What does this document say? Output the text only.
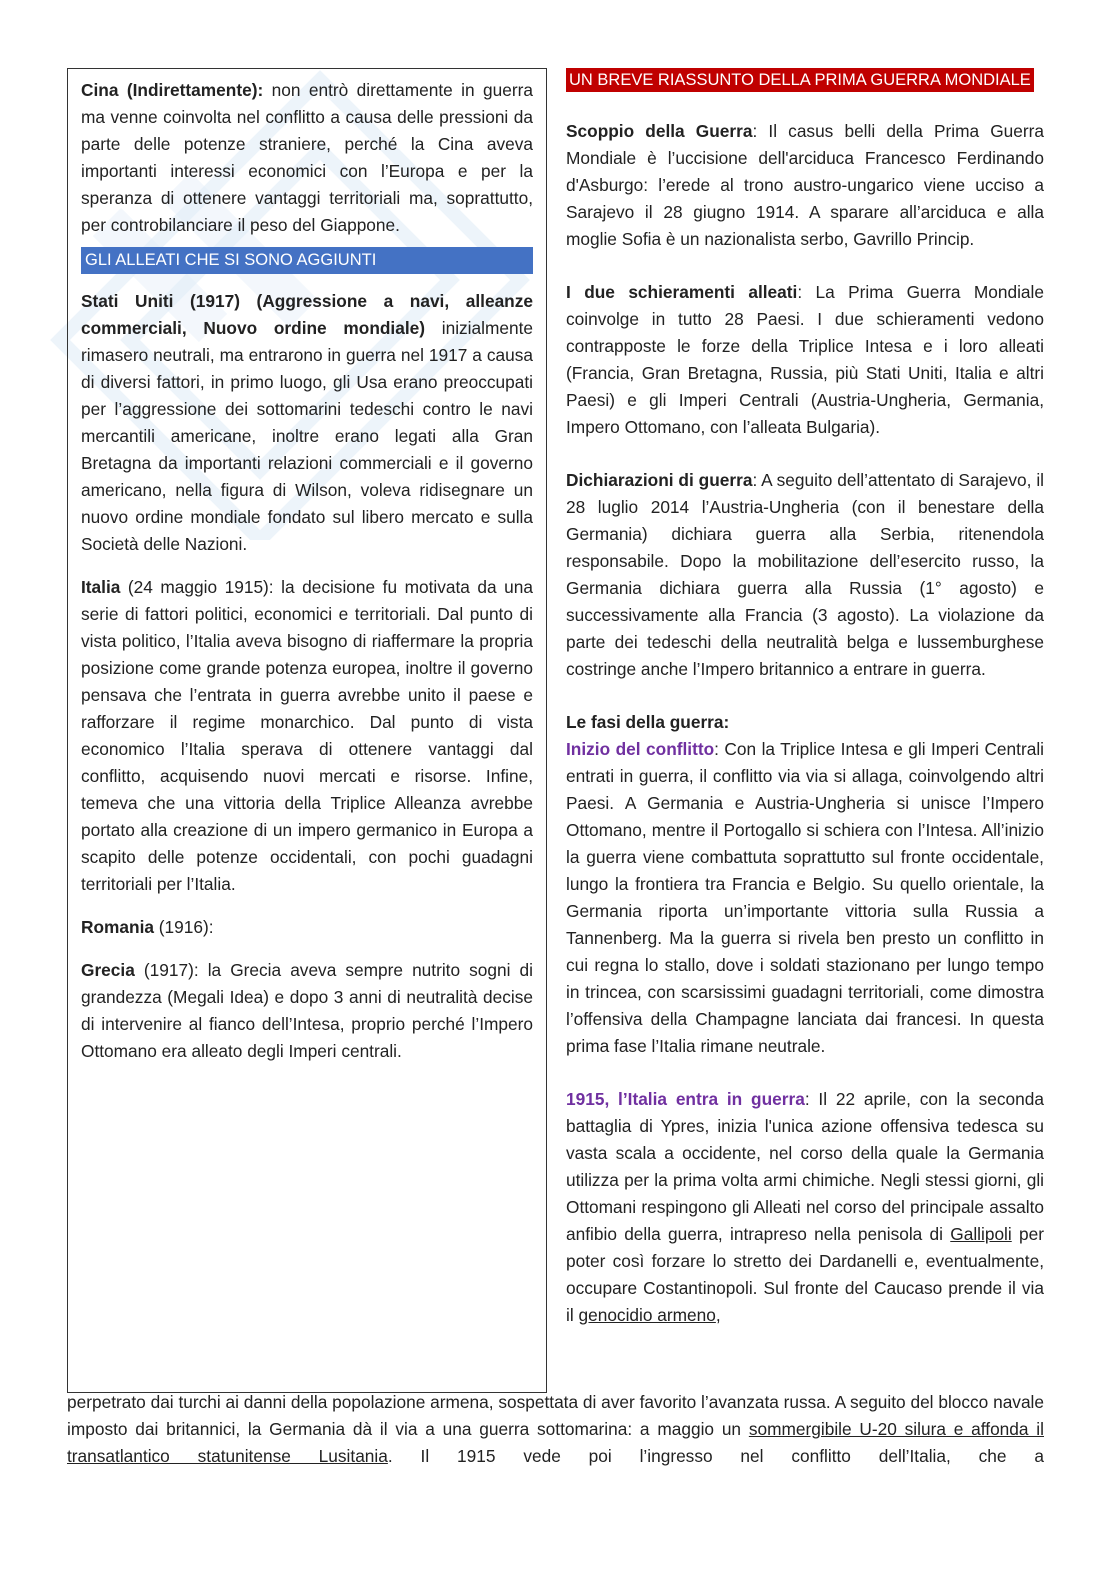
Cina (Indirettamente): non entrò direttamente in guerra ma venne coinvolta nel conflitto a causa delle pressioni da parte delle potenze straniere, perché la Cina aveva importanti interessi economici con l’Europa e per la speranza di ottenere vantaggi territoriali ma, soprattutto, per controbilanciare il peso del Giappone.

GLI ALLEATI CHE SI SONO AGGIUNTI

Stati Uniti (1917) (Aggressione a navi, alleanze commerciali, Nuovo ordine mondiale) inizialmente rimasero neutrali, ma entrarono in guerra nel 1917 a causa di diversi fattori, in primo luogo, gli Usa erano preoccupati per l’aggressione dei sottomarini tedeschi contro le navi mercantili americane, inoltre erano legati alla Gran Bretagna da importanti relazioni commerciali e il governo americano, nella figura di Wilson, voleva ridisegnare un nuovo ordine mondiale fondato sul libero mercato e sulla Società delle Nazioni.

Italia (24 maggio 1915): la decisione fu motivata da una serie di fattori politici, economici e territoriali. Dal punto di vista politico, l’Italia aveva bisogno di riaffermare la propria posizione come grande potenza europea, inoltre il governo pensava che l’entrata in guerra avrebbe unito il paese e rafforzare il regime monarchico. Dal punto di vista economico l’Italia sperava di ottenere vantaggi dal conflitto, acquisendo nuovi mercati e risorse. Infine, temeva che una vittoria della Triplice Alleanza avrebbe portato alla creazione di un impero germanico in Europa a scapito delle potenze occidentali, con pochi guadagni territoriali per l’Italia.

Romania (1916):

Grecia (1917): la Grecia aveva sempre nutrito sogni di grandezza (Megali Idea) e dopo 3 anni di neutralità decise di intervenire al fianco dell’Intesa, proprio perché l’Impero Ottomano era alleato degli Imperi centrali.

UN BREVE RIASSUNTO DELLA PRIMA GUERRA MONDIALE

Scoppio della Guerra: Il casus belli della Prima Guerra Mondiale è l’uccisione dell'arciduca Francesco Ferdinando d'Asburgo: l’erede al trono austro-ungarico viene ucciso a Sarajevo il 28 giugno 1914. A sparare all’arciduca e alla moglie Sofia è un nazionalista serbo, Gavrillo Princip.

I due schieramenti alleati: La Prima Guerra Mondiale coinvolge in tutto 28 Paesi. I due schieramenti vedono contrapposte le forze della Triplice Intesa e i loro alleati (Francia, Gran Bretagna, Russia, più Stati Uniti, Italia e altri Paesi) e gli Imperi Centrali (Austria-Ungheria, Germania, Impero Ottomano, con l’alleata Bulgaria).

Dichiarazioni di guerra: A seguito dell’attentato di Sarajevo, il 28 luglio 2014 l’Austria-Ungheria (con il benestare della Germania) dichiara guerra alla Serbia, ritenendola responsabile. Dopo la mobilitazione dell’esercito russo, la Germania dichiara guerra alla Russia (1° agosto) e successivamente alla Francia (3 agosto). La violazione da parte dei tedeschi della neutralità belga e lussemburghese costringe anche l’Impero britannico a entrare in guerra.

Le fasi della guerra:

Inizio del conflitto: Con la Triplice Intesa e gli Imperi Centrali entrati in guerra, il conflitto via via si allaga, coinvolgendo altri Paesi. A Germania e Austria-Ungheria si unisce l’Impero Ottomano, mentre il Portogallo si schiera con l’Intesa. All’inizio la guerra viene combattuta soprattutto sul fronte occidentale, lungo la frontiera tra Francia e Belgio. Su quello orientale, la Germania riporta un’importante vittoria sulla Russia a Tannenberg. Ma la guerra si rivela ben presto un conflitto in cui regna lo stallo, dove i soldati stazionano per lungo tempo in trincea, con scarsissimi guadagni territoriali, come dimostra l’offensiva della Champagne lanciata dai francesi. In questa prima fase l’Italia rimane neutrale.

1915, l’Italia entra in guerra: Il 22 aprile, con la seconda battaglia di Ypres, inizia l'unica azione offensiva tedesca su vasta scala a occidente, nel corso della quale la Germania utilizza per la prima volta armi chimiche. Negli stessi giorni, gli Ottomani respingono gli Alleati nel corso del principale assalto anfibio della guerra, intrapreso nella penisola di Gallipoli per poter così forzare lo stretto dei Dardanelli e, eventualmente, occupare Costantinopoli. Sul fronte del Caucaso prende il via il genocidio armeno,

perpetrato dai turchi ai danni della popolazione armena, sospettata di aver favorito l’avanzata russa. A seguito del blocco navale imposto dai britannici, la Germania dà il via a una guerra sottomarina: a maggio un sommergibile U-20 silura e affonda il transatlantico statunitense Lusitania. Il 1915 vede poi l’ingresso nel conflitto dell’Italia, che a
